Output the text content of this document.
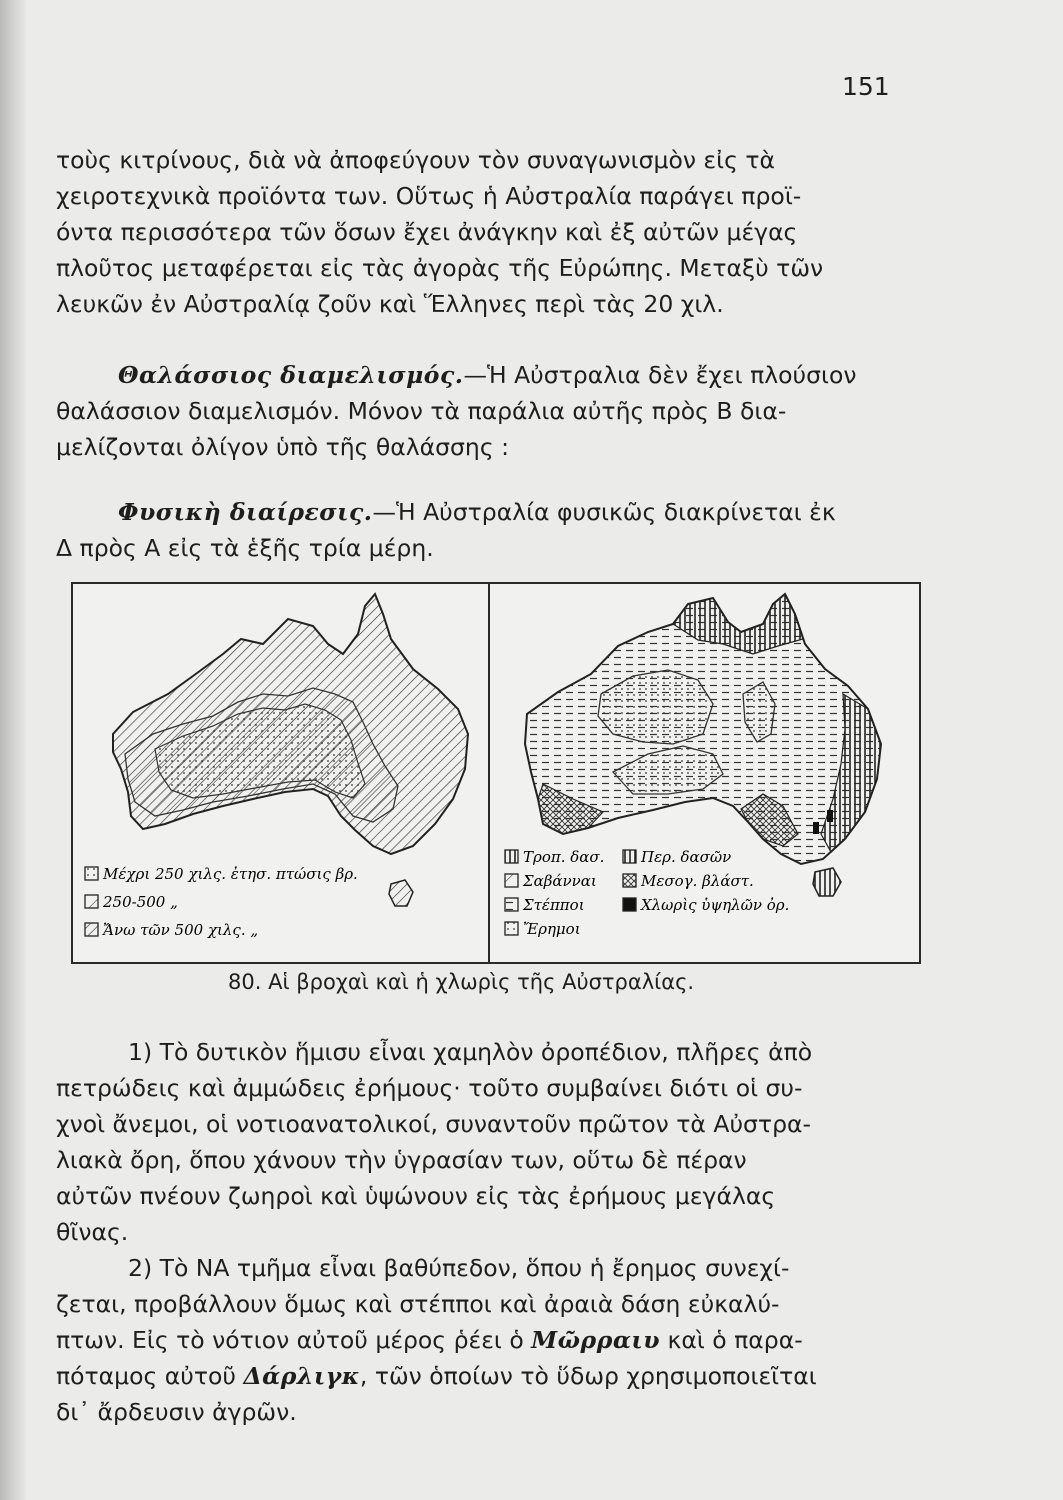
151
τοὺς κιτρίνους, διὰ νὰ ἀποφεύγουν τὸν συναγωνισμὸν εἰς τὰ
χειροτεχνικὰ προϊόντα των. Οὕτως ἡ Αὐστραλία παράγει προϊ-
όντα περισσότερα τῶν ὅσων ἔχει ἀνάγκην καὶ ἐξ αὐτῶν μέγας
πλοῦτος μεταφέρεται εἰς τὰς ἀγορὰς τῆς Εὐρώπης. Μεταξὺ τῶν
λευκῶν ἐν Αὐστραλίᾳ ζοῦν καὶ Ἕλληνες περὶ τὰς 20 χιλ.
Θαλάσσιος διαμελισμός.—Ἡ Αὐστραλια δὲν ἔχει πλούσιον
θαλάσσιον διαμελισμόν. Μόνον τὰ παράλια αὐτῆς πρὸς Β δια-
μελίζονται ὀλίγον ὑπὸ τῆς θαλάσσης :
Φυσικὴ διαίρεσις.—Ἡ Αὐστραλία φυσικῶς διακρίνεται ἐκ
Δ πρὸς Α εἰς τὰ ἑξῆς τρία μέρη.
Μέχρι 250 χιλς. ἐτησ. πτώσις βρ.
250-500 „
Ἄνω τῶν 500 χιλς. „
Τροπ. δασ.
Σαβάνναι
Στέπποι
Ἔρημοι
Περ. δασῶν
Μεσογ. βλάστ.
Χλωρὶς ὑψηλῶν ὀρ.
80. Αἱ βροχαὶ καὶ ἡ χλωρὶς τῆς Αὐστραλίας.
1) Τὸ δυτικὸν ἥμισυ εἶναι χαμηλὸν ὀροπέδιον, πλῆρες ἀπὸ
πετρώδεις καὶ ἀμμώδεις ἐρήμους· τοῦτο συμβαίνει διότι οἱ συ-
χνοὶ ἄνεμοι, οἱ νοτιοανατολικοί, συναντοῦν πρῶτον τὰ Αὐστρα-
λιακὰ ὄρη, ὅπου χάνουν τὴν ὑγρασίαν των, οὕτω δὲ πέραν
αὐτῶν πνέουν ζωηροὶ καὶ ὑψώνουν εἰς τὰς ἐρήμους μεγάλας
θῖνας.
2) Τὸ ΝΑ τμῆμα εἶναι βαθύπεδον, ὅπου ἡ ἔρημος συνεχί-
ζεται, προβάλλουν ὅμως καὶ στέπποι καὶ ἀραιὰ δάση εὐκαλύ-
πτων. Εἰς τὸ νότιον αὐτοῦ μέρος ῥέει ὁ Μῶρραιυ καὶ ὁ παρα-
πόταμος αὐτοῦ Δάρλιγκ, τῶν ὁποίων τὸ ὕδωρ χρησιμοποιεῖται
δι᾿ ἄρδευσιν ἀγρῶν.
